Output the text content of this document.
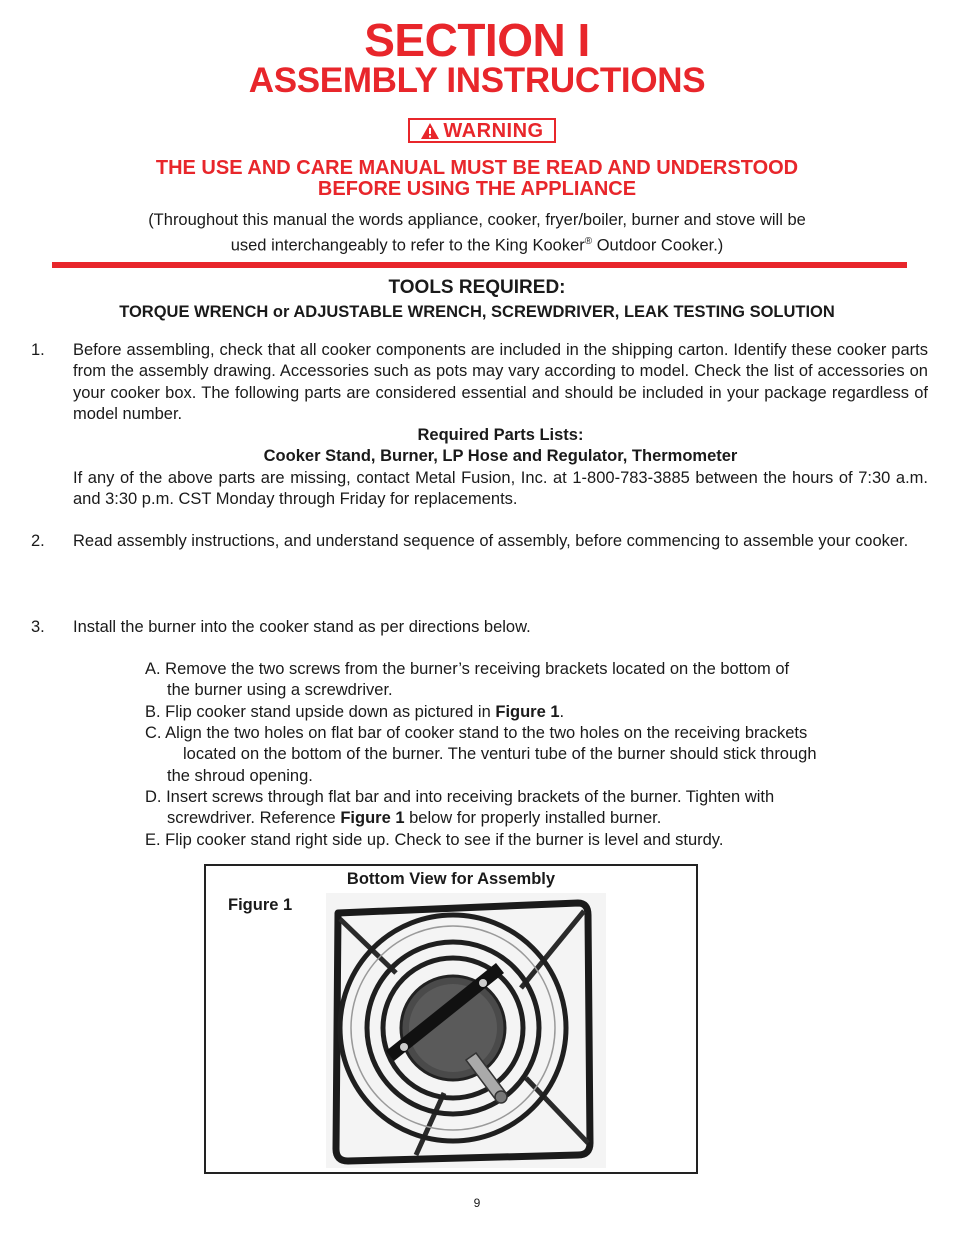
SECTION I
ASSEMBLY INSTRUCTIONS
WARNING
THE USE AND CARE MANUAL MUST BE READ AND UNDERSTOOD
BEFORE USING THE APPLIANCE
(Throughout this manual the words appliance, cooker, fryer/boiler, burner and stove will be
used interchangeably to refer to the King Kooker® Outdoor Cooker.)
TOOLS REQUIRED:
TORQUE WRENCH or ADJUSTABLE WRENCH, SCREWDRIVER, LEAK TESTING SOLUTION
1. Before assembling, check that all cooker components are included in the shipping carton. Identify these cooker parts from the assembly drawing. Accessories such as pots may vary according to model. Check the list of accessories on your cooker box. The following parts are considered essential and should be included in your package regardless of model number.
Required Parts Lists:
Cooker Stand, Burner, LP Hose and Regulator, Thermometer
If any of the above parts are missing, contact Metal Fusion, Inc. at 1-800-783-3885 between the hours of 7:30 a.m. and 3:30 p.m. CST Monday through Friday for replacements.
2. Read assembly instructions, and understand sequence of assembly, before commencing to assemble your cooker.
3. Install the burner into the cooker stand as per directions below.
A. Remove the two screws from the burner’s receiving brackets located on the bottom of
the burner using a screwdriver.
B. Flip cooker stand upside down as pictured in Figure 1.
C. Align the two holes on flat bar of cooker stand to the two holes on the receiving brackets
located on the bottom of the burner. The venturi tube of the burner should stick through
the shroud opening.
D. Insert screws through flat bar and into receiving brackets of the burner. Tighten with
screwdriver. Reference Figure 1 below for properly installed burner.
E. Flip cooker stand right side up. Check to see if the burner is level and sturdy.
Bottom View for Assembly
Figure 1
9
